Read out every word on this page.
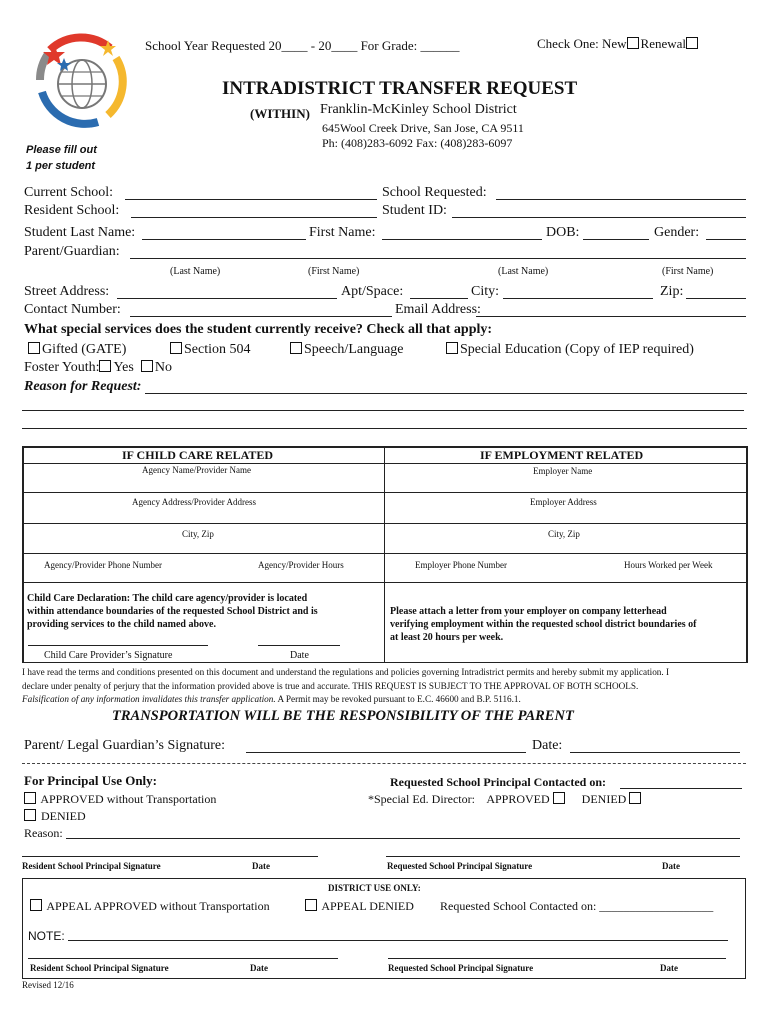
School Year Requested 20____ - 20____ For Grade: ______	Check One: New Renewal
INTRADISTRICT TRANSFER REQUEST
(WITHIN) Franklin-McKinley School District
645Wool Creek Drive, San Jose, CA 9511
Ph: (408)283-6092 Fax: (408)283-6097
Please fill out
1 per student
Current School:	School Requested:
Resident School:	Student ID:
Student Last Name:	First Name:	DOB:	Gender:
Parent/Guardian:
(Last Name)	(First Name)	(Last Name)	(First Name)
Street Address:	Apt/Space:	City:	Zip:
Contact Number:	Email Address:
What special services does the student currently receive? Check all that apply:
Gifted (GATE)	Section 504	Speech/Language	Special Education (Copy of IEP required)
Foster Youth: Yes No
Reason for Request:
IF CHILD CARE RELATED	IF EMPLOYMENT RELATED
Agency Name/Provider Name	Employer Name
Agency Address/Provider Address	Employer Address
City, Zip	City, Zip
Agency/Provider Phone Number	Agency/Provider Hours	Employer Phone Number	Hours Worked per Week
Child Care Declaration: The child care agency/provider is located
within attendance boundaries of the requested School District and is
providing services to the child named above.
Child Care Provider’s Signature	Date
Please attach a letter from your employer on company letterhead
verifying employment within the requested school district boundaries of
at least 20 hours per week.
I have read the terms and conditions presented on this document and understand the regulations and policies governing Intradistrict permits and hereby submit my application. I
declare under penalty of perjury that the information provided above is true and accurate. THIS REQUEST IS SUBJECT TO THE APPROVAL OF BOTH SCHOOLS.
Falsification of any information invalidates this transfer application. A Permit may be revoked pursuant to E.C. 46600 and B.P. 5116.1.
TRANSPORTATION WILL BE THE RESPONSIBILITY OF THE PARENT
Parent/ Legal Guardian’s Signature:	Date:
For Principal Use Only:	Requested School Principal Contacted on:
APPROVED without Transportation	*Special Ed. Director: APPROVED	DENIED
DENIED
Reason:
Resident School Principal Signature	Date	Requested School Principal Signature	Date
DISTRICT USE ONLY:
APPEAL APPROVED without Transportation	APPEAL DENIED Requested School Contacted on: ___________________
NOTE:
Resident School Principal Signature	Date	Requested School Principal Signature	Date
Revised 12/16
